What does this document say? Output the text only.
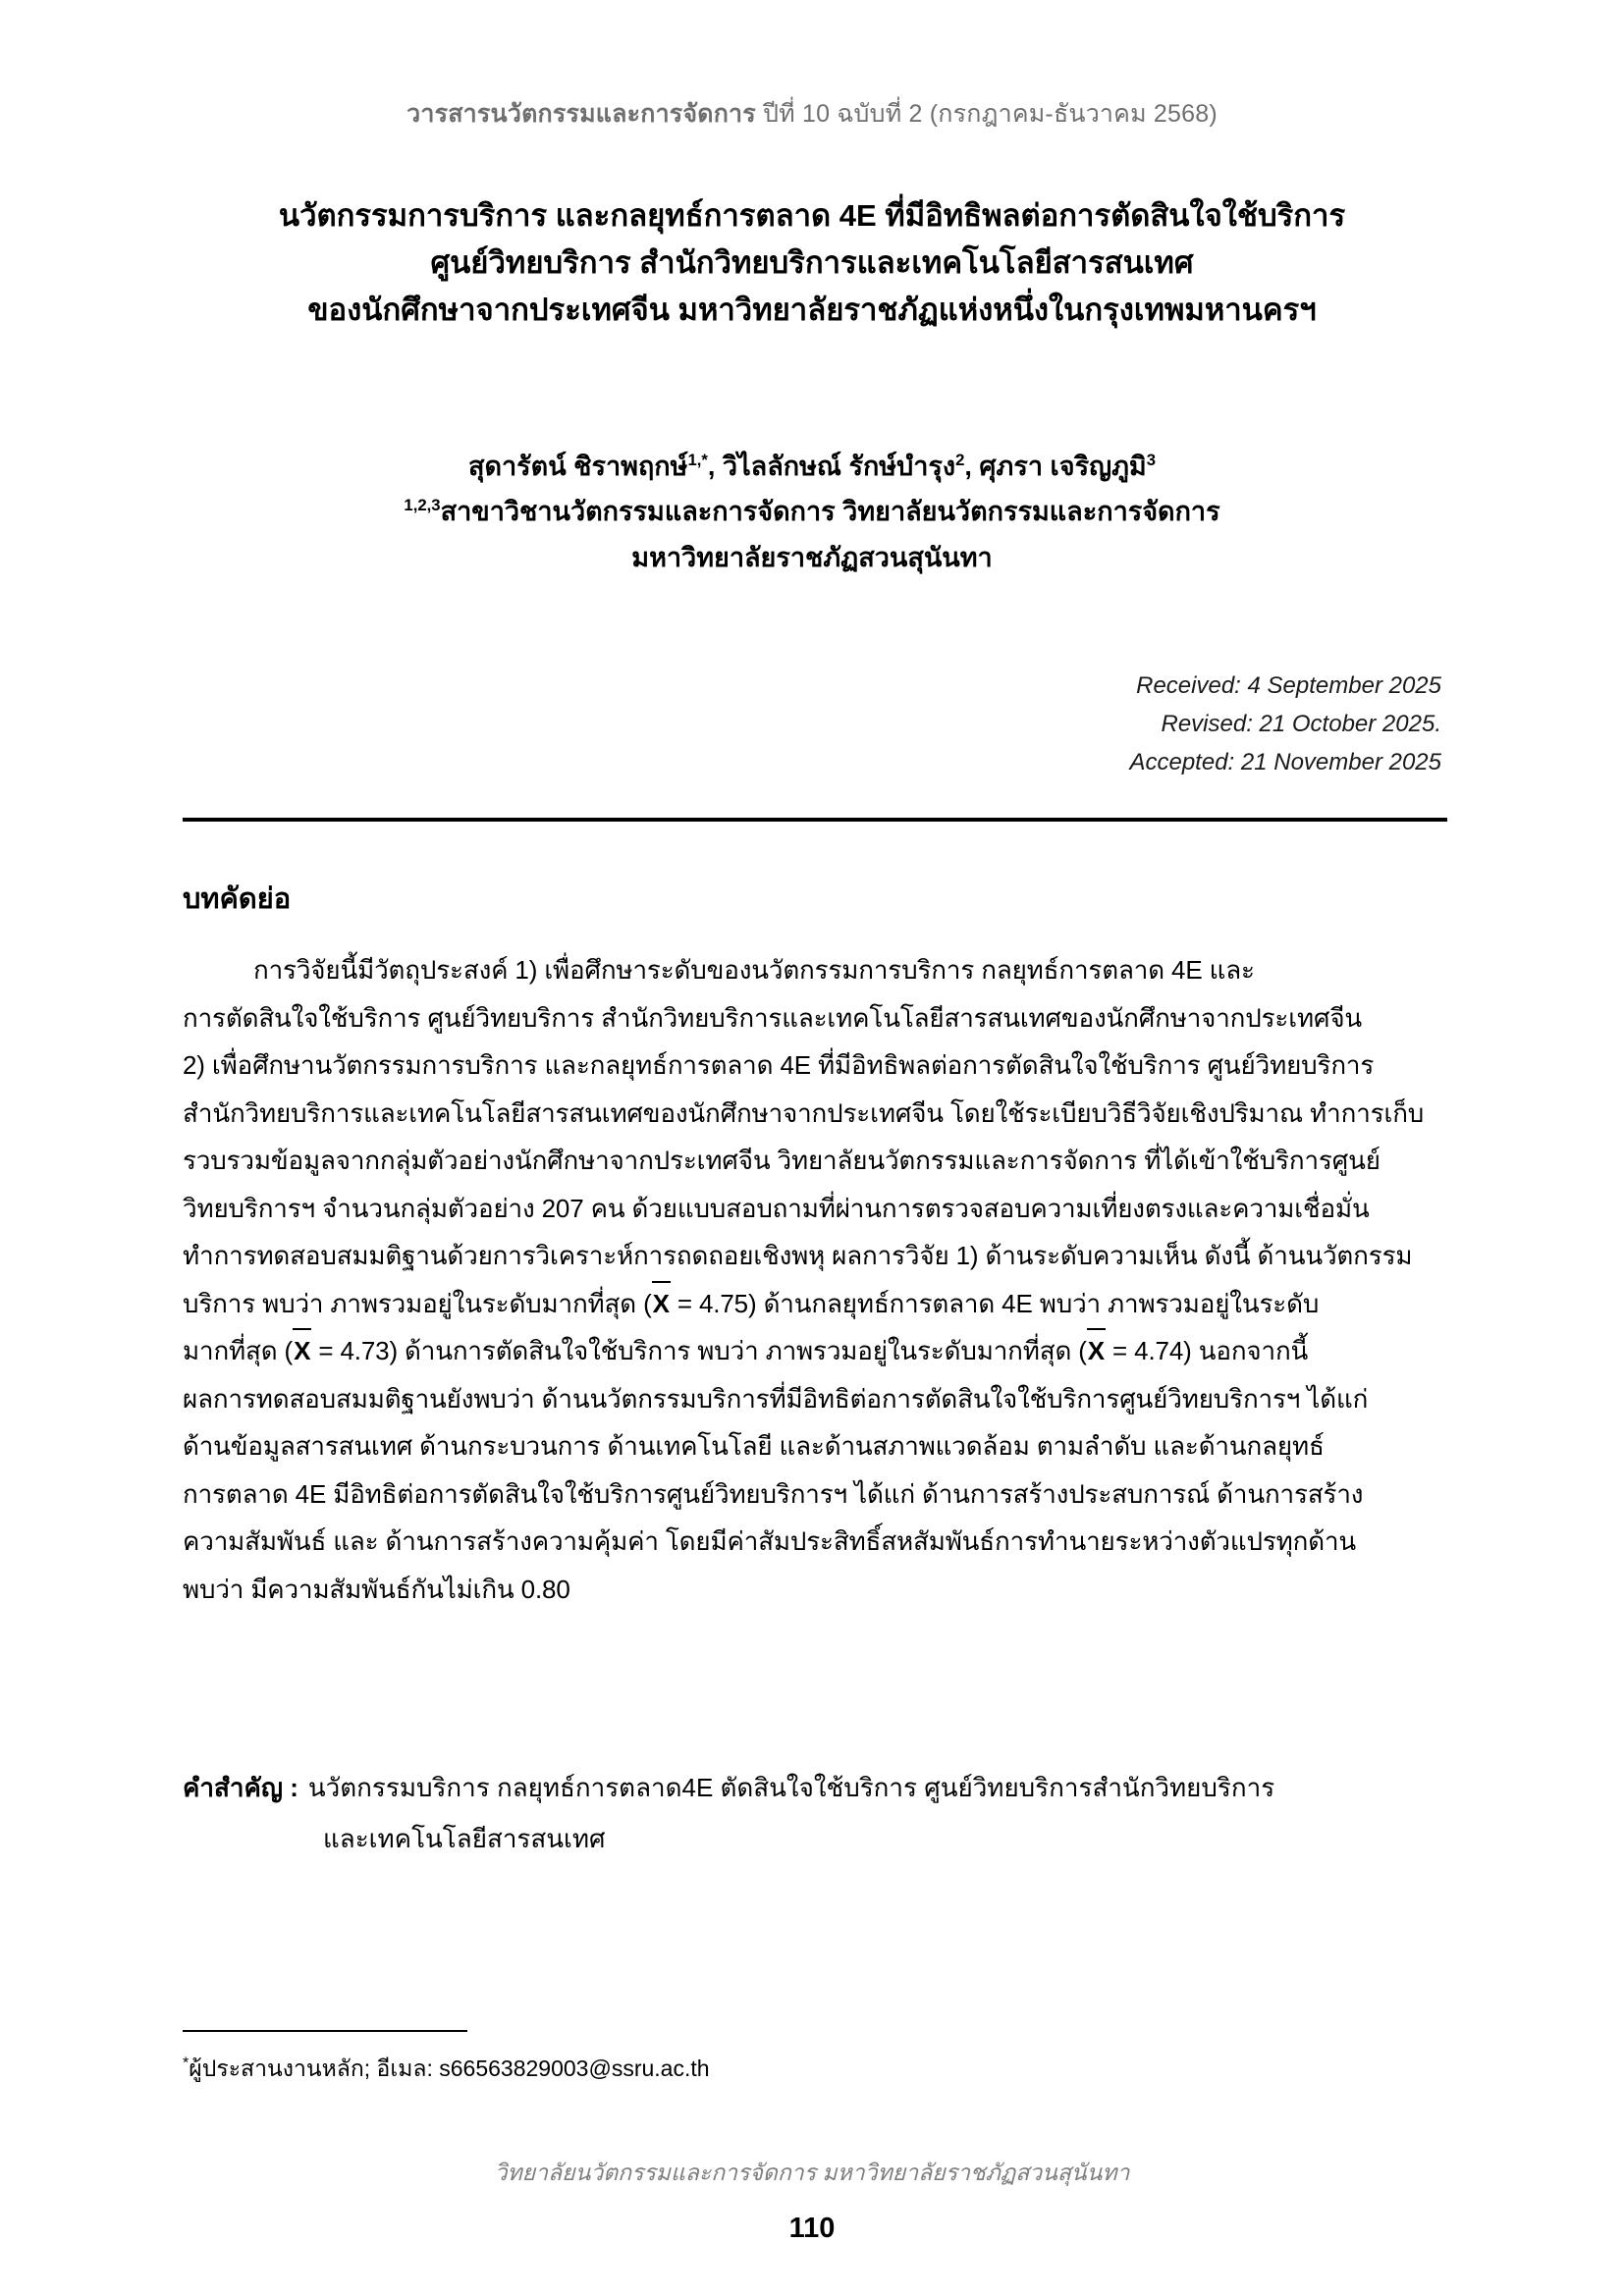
วารสารนวัตกรรมและการจัดการ ปีที่ 10 ฉบับที่ 2 (กรกฎาคม-ธันวาคม 2568)
นวัตกรรมการบริการ และกลยุทธ์การตลาด 4E ที่มีอิทธิพลต่อการตัดสินใจใช้บริการ
ศูนย์วิทยบริการ สำนักวิทยบริการและเทคโนโลยีสารสนเทศ
ของนักศึกษาจากประเทศจีน มหาวิทยาลัยราชภัฏแห่งหนึ่งในกรุงเทพมหานครฯ
สุดารัตน์ ชิราพฤกษ์$^{1,*}$, วิไลลักษณ์ รักษ์บำรุง$^2$, ศุภรา เจริญภูมิ$^3$
$^{1,2,3}$สาขาวิชานวัตกรรมและการจัดการ วิทยาลัยนวัตกรรมและการจัดการ
มหาวิทยาลัยราชภัฏสวนสุนันทา
Received: 4 September 2025
Revised: 21 October 2025.
Accepted: 21 November 2025
บทคัดย่อ
การวิจัยนี้มีวัตถุประสงค์ 1) เพื่อศึกษาระดับของนวัตกรรมการบริการ กลยุทธ์การตลาด 4E และ
การตัดสินใจใช้บริการ ศูนย์วิทยบริการ สำนักวิทยบริการและเทคโนโลยีสารสนเทศของนักศึกษาจากประเทศจีน
2) เพื่อศึกษานวัตกรรมการบริการ และกลยุทธ์การตลาด 4E ที่มีอิทธิพลต่อการตัดสินใจใช้บริการ ศูนย์วิทยบริการ
สำนักวิทยบริการและเทคโนโลยีสารสนเทศของนักศึกษาจากประเทศจีน โดยใช้ระเบียบวิธีวิจัยเชิงปริมาณ ทำการเก็บ
รวบรวมข้อมูลจากกลุ่มตัวอย่างนักศึกษาจากประเทศจีน วิทยาลัยนวัตกรรมและการจัดการ ที่ได้เข้าใช้บริการศูนย์
วิทยบริการฯ จำนวนกลุ่มตัวอย่าง 207 คน ด้วยแบบสอบถามที่ผ่านการตรวจสอบความเที่ยงตรงและความเชื่อมั่น
ทำการทดสอบสมมติฐานด้วยการวิเคราะห์การถดถอยเชิงพหุ ผลการวิจัย 1) ด้านระดับความเห็น ดังนี้ ด้านนวัตกรรม
บริการ พบว่า ภาพรวมอยู่ในระดับมากที่สุด (X = 4.75) ด้านกลยุทธ์การตลาด 4E พบว่า ภาพรวมอยู่ในระดับ
มากที่สุด (X = 4.73) ด้านการตัดสินใจใช้บริการ พบว่า ภาพรวมอยู่ในระดับมากที่สุด (X = 4.74) นอกจากนี้
ผลการทดสอบสมมติฐานยังพบว่า ด้านนวัตกรรมบริการที่มีอิทธิต่อการตัดสินใจใช้บริการศูนย์วิทยบริการฯ ได้แก่
ด้านข้อมูลสารสนเทศ ด้านกระบวนการ ด้านเทคโนโลยี และด้านสภาพแวดล้อม ตามลำดับ และด้านกลยุทธ์
การตลาด 4E มีอิทธิต่อการตัดสินใจใช้บริการศูนย์วิทยบริการฯ ได้แก่ ด้านการสร้างประสบการณ์ ด้านการสร้าง
ความสัมพันธ์ และ ด้านการสร้างความคุ้มค่า โดยมีค่าสัมประสิทธิ์สหสัมพันธ์การทำนายระหว่างตัวแปรทุกด้าน
พบว่า มีความสัมพันธ์กันไม่เกิน 0.80
คำสำคัญ : นวัตกรรมบริการ กลยุทธ์การตลาด4E ตัดสินใจใช้บริการ ศูนย์วิทยบริการสำนักวิทยบริการ
และเทคโนโลยีสารสนเทศ
*ผู้ประสานงานหลัก; อีเมล: s66563829003@ssru.ac.th
วิทยาลัยนวัตกรรมและการจัดการ มหาวิทยาลัยราชภัฏสวนสุนันทา
110
